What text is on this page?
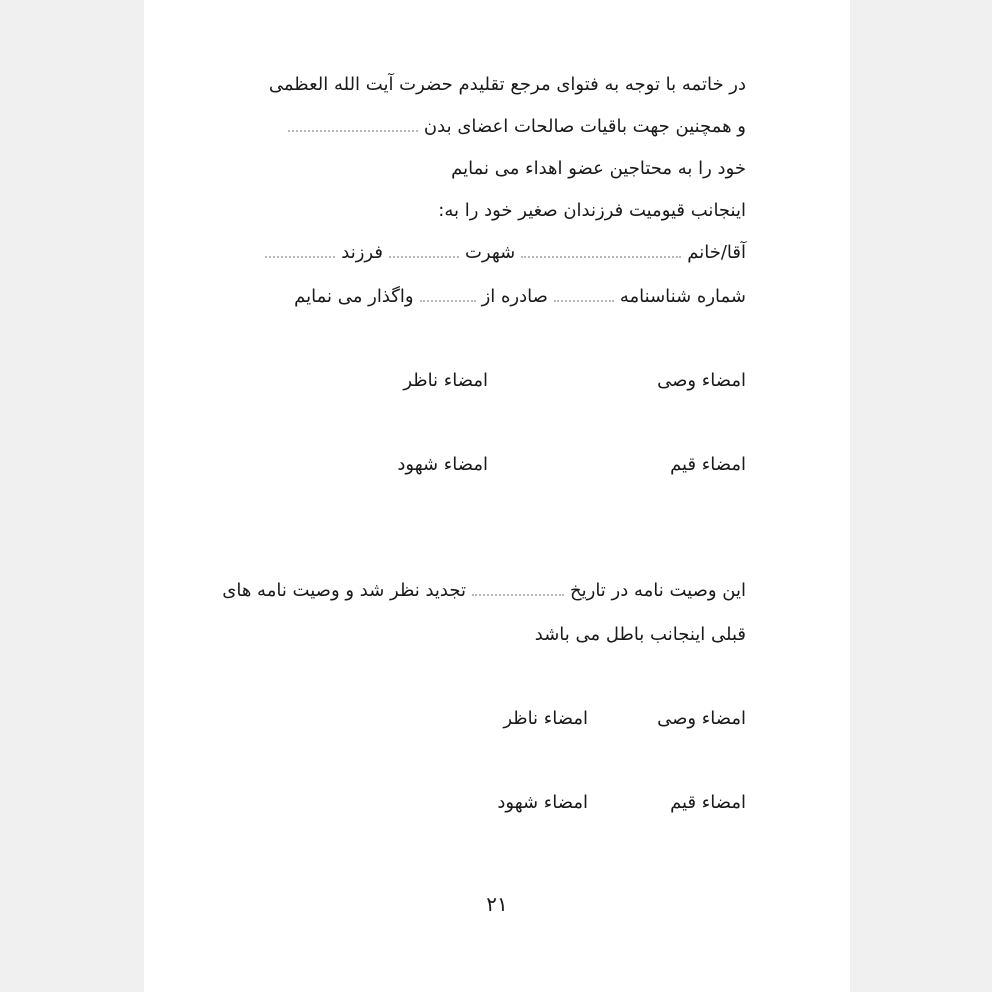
در خاتمه با توجه به فتوای مرجع تقلیدم حضرت آیت الله العظمی
و همچنین جهت باقیات صالحات اعضای بدن
خود را به محتاجین عضو اهداء می نمایم
اینجانب قیومیت فرزندان صغیر خود را به:
آقا/خانمشهرتفرزند
شماره شناسنامهصادره ازواگذار می نمایم
امضاء وصی
امضاء ناظر
امضاء قیم
امضاء شهود
این وصیت نامه در تاریختجدید نظر شد و وصیت نامه های
قبلی اینجانب باطل می باشد
امضاء وصی
امضاء ناظر
امضاء قیم
امضاء شهود
۲۱
